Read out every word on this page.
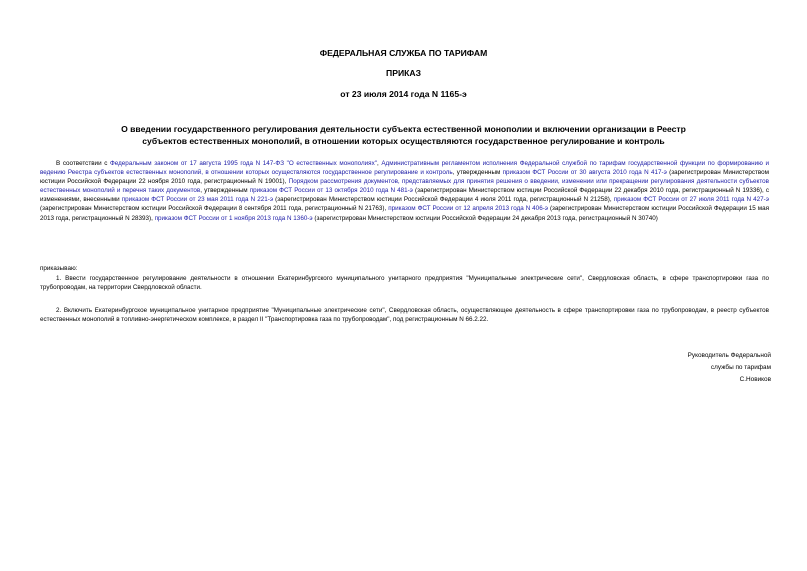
ФЕДЕРАЛЬНАЯ СЛУЖБА ПО ТАРИФАМ
ПРИКАЗ
от 23 июля 2014 года N 1165-э
О введении государственного регулирования деятельности субъекта естественной монополии и включении организации в Реестр субъектов естественных монополий, в отношении которых осуществляются государственное регулирование и контроль
В соответствии с Федеральным законом от 17 августа 1995 года N 147-ФЗ "О естественных монополиях", Административным регламентом исполнения Федеральной службой по тарифам государственной функции по формированию и ведению Реестра субъектов естественных монополий, в отношении которых осуществляются государственное регулирование и контроль, утвержденным приказом ФСТ России от 30 августа 2010 года N 417-э (зарегистрирован Министерством юстиции Российской Федерации 22 ноября 2010 года, регистрационный N 19001), Порядком рассмотрения документов, представляемых для принятия решения о введении, изменении или прекращении регулирования деятельности субъектов естественных монополий и перечня таких документов, утвержденным приказом ФСТ России от 13 октября 2010 года N 481-э (зарегистрирован Министерством юстиции Российской Федерации 22 декабря 2010 года, регистрационный N 19336), с изменениями, внесенными приказом ФСТ России от 23 мая 2011 года N 221-э (зарегистрирован Министерством юстиции Российской Федерации 4 июля 2011 года, регистрационный N 21258), приказом ФСТ России от 27 июля 2011 года N 427-э (зарегистрирован Министерством юстиции Российской Федерации 8 сентября 2011 года, регистрационный N 21763), приказом ФСТ России от 12 апреля 2013 года N 406-э (зарегистрирован Министерством юстиции Российской Федерации 15 мая 2013 года, регистрационный N 28393), приказом ФСТ России от 1 ноября 2013 года N 1360-э (зарегистрирован Министерством юстиции Российской Федерации 24 декабря 2013 года, регистрационный N 30740)
приказываю:
1. Ввести государственное регулирование деятельности в отношении Екатеринбургского муниципального унитарного предприятия "Муниципальные электрические сети", Свердловская область, в сфере транспортировки газа по трубопроводам, на территории Свердловской области.
2. Включить Екатеринбургское муниципальное унитарное предприятие "Муниципальные электрические сети", Свердловская область, осуществляющее деятельность в сфере транспортировки газа по трубопроводам, в реестр субъектов естественных монополий в топливно-энергетическом комплексе, в раздел II "Транспортировка газа по трубопроводам", под регистрационным N 66.2.22.
Руководитель Федеральной
службы по тарифам
С.Новиков
